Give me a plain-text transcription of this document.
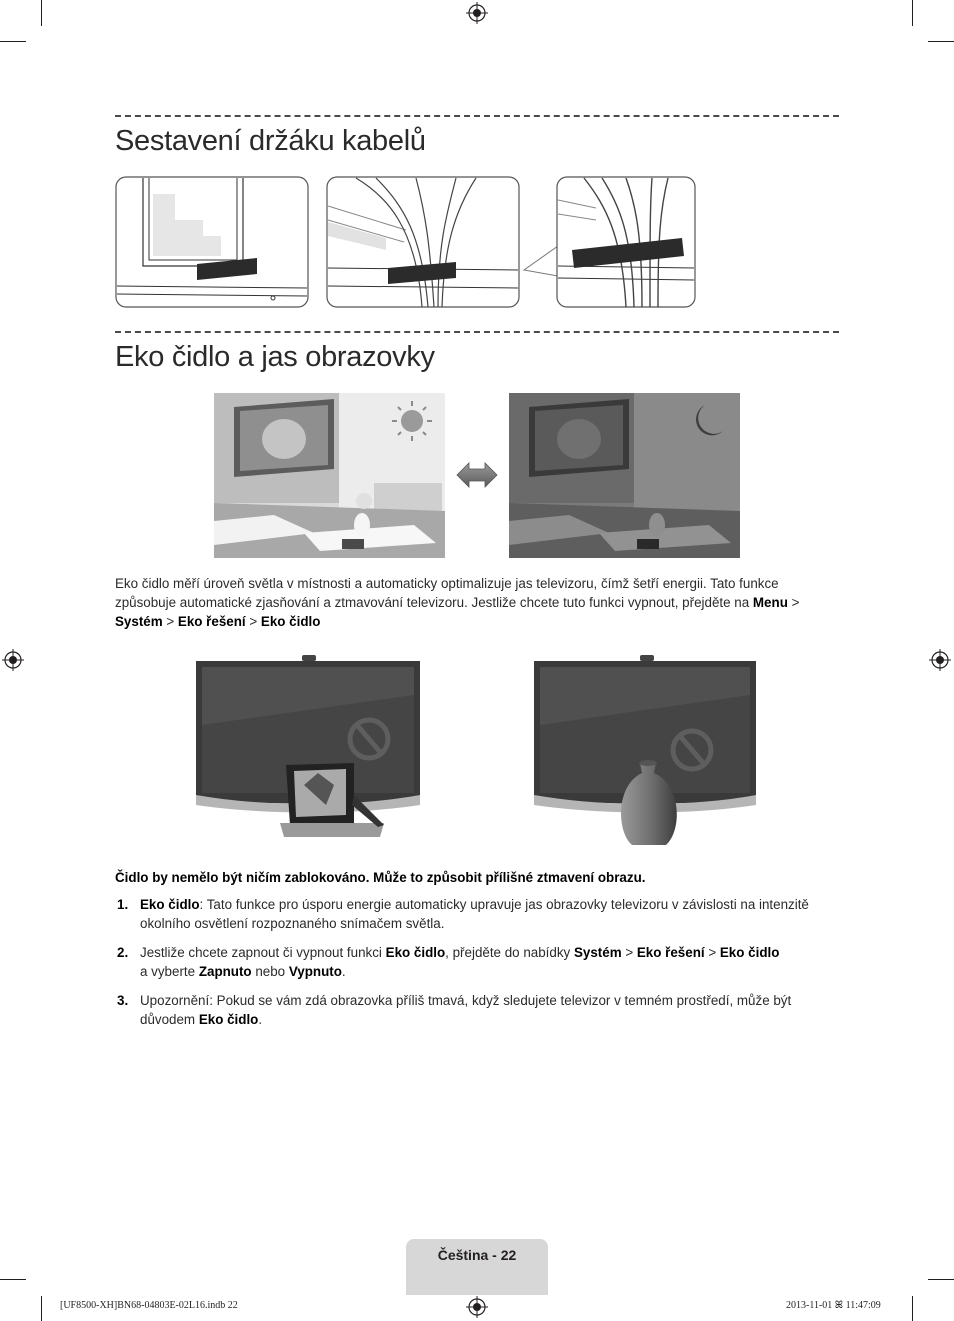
Sestavení držáku kabelů
Eko čidlo a jas obrazovky
Eko čidlo měří úroveň světla v místnosti a automaticky optimalizuje jas televizoru, čímž šetří energii. Tato funkce způsobuje automatické zjasňování a ztmavování televizoru. Jestliže chcete tuto funkci vypnout, přejděte na Menu > Systém > Eko řešení > Eko čidlo
Čidlo by nemělo být ničím zablokováno. Může to způsobit přílišné ztmavení obrazu.
1. Eko čidlo: Tato funkce pro úsporu energie automaticky upravuje jas obrazovky televizoru v závislosti na intenzitě okolního osvětlení rozpoznaného snímačem světla.
2. Jestliže chcete zapnout či vypnout funkci Eko čidlo, přejděte do nabídky Systém > Eko řešení > Eko čidlo
a vyberte Zapnuto nebo Vypnuto.
3. Upozornění: Pokud se vám zdá obrazovka příliš tmavá, když sledujete televizor v temném prostředí, může být důvodem Eko čidlo.
Čeština - 22
[UF8500-XH]BN68-04803E-02L16.indb 22	2013-11-01 ꕤ 11:47:09
